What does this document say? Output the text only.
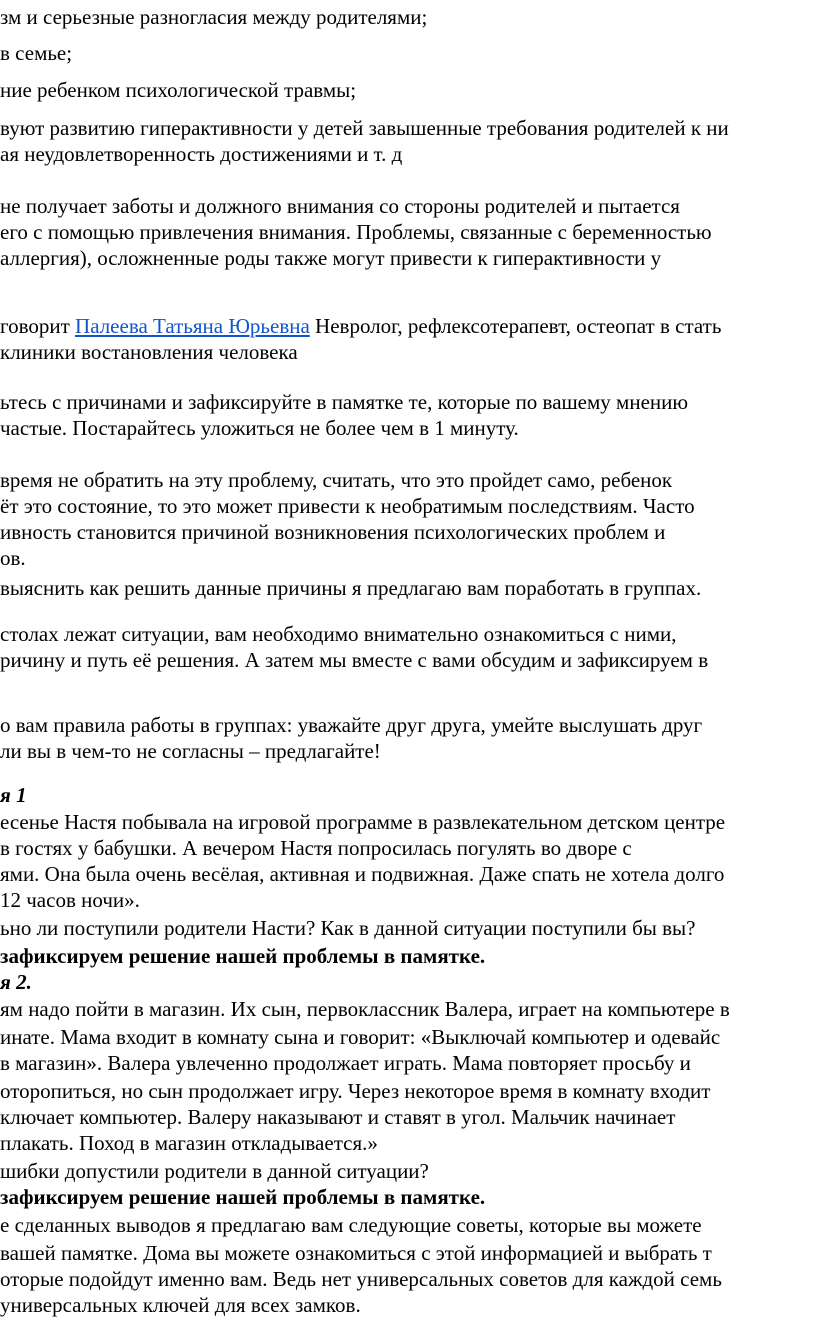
зм и серьезные разногласия между родителями;
в семье;
ние ребенком психологической травмы;
вуют развитию гиперактивности у детей завышенные требования родителей к ни
ая неудовлетворенность достижениями и т. д
не получает заботы и должного внимания со стороны родителей и пытается
его с помощью привлечения внимания. Проблемы, связанные с беременностью
аллергия), осложненные роды также могут привести к гиперактивности у
говорит Палеева Татьяна Юрьевна Невролог, рефлексотерапевт, остеопат в стать
клиники востановления человека
ьтесь с причинами и зафиксируйте в памятке те, которые по вашему мнению
частые. Постарайтесь уложиться не более чем в 1 минуту.
время не обратить на эту проблему, считать, что это пройдет само, ребенок
ёт это состояние, то это может привести к необратимым последствиям. Часто
ивность становится причиной возникновения психологических проблем и
ов.
выяснить как решить данные причины я предлагаю вам поработать в группах.
столах лежат ситуации, вам необходимо внимательно ознакомиться с ними,
ричину и путь её решения. А затем мы вместе с вами обсудим и зафиксируем в
о вам правила работы в группах: уважайте друг друга, умейте выслушать друг
ли вы в чем-то не согласны – предлагайте!
я 1
есенье Настя побывала на игровой программе в развлекательном детском центре
в гостях у бабушки. А вечером Настя попросилась погулять во дворе с
ями. Она была очень весёлая, активная и подвижная. Даже спать не хотела долго
12 часов ночи».
ьно ли поступили родители Насти? Как в данной ситуации поступили бы вы?
зафиксируем решение нашей проблемы в памятке.
я 2.
ям надо пойти в магазин. Их сын, первоклассник Валера, играет на компьютере в
инате. Мама входит в комнату сына и говорит: «Выключай компьютер и одевайс
в магазин». Валера увлеченно продолжает играть. Мама повторяет просьбу и
оторопиться, но сын продолжает игру. Через некоторое время в комнату входит
ключает компьютер. Валеру наказывают и ставят в угол. Мальчик начинает
плакать. Поход в магазин откладывается.»
шибки допустили родители в данной ситуации?
зафиксируем решение нашей проблемы в памятке.
е сделанных выводов я предлагаю вам следующие советы, которые вы можете
вашей памятке. Дома вы можете ознакомиться с этой информацией и выбрать т
оторые подойдут именно вам. Ведь нет универсальных советов для каждой семь
универсальных ключей для всех замков.
